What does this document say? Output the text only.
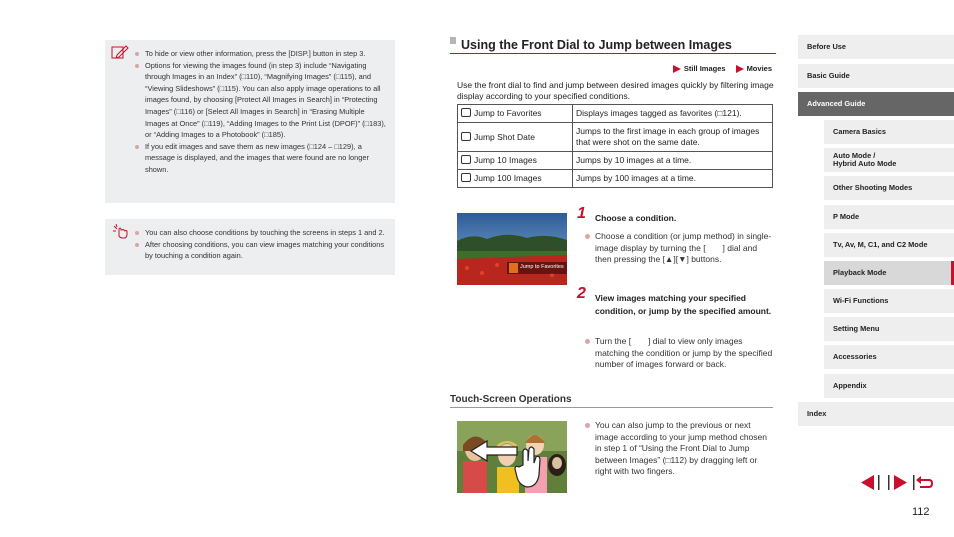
To hide or view other information, press the [DISP.] button in step 3.
Options for viewing the images found (in step 3) include “Navigating through Images in an Index” (□110), “Magnifying Images” (□115), and “Viewing Slideshows” (□115). You can also apply image operations to all images found, by choosing [Protect All Images in Search] in “Protecting Images” (□116) or [Select All Images in Search] in “Erasing Multiple Images at Once” (□119), “Adding Images to the Print List (DPOF)” (□183), or “Adding Images to a Photobook” (□185).
If you edit images and save them as new images (□124 – □129), a message is displayed, and the images that were found are no longer shown.
You can also choose conditions by touching the screens in steps 1 and 2.
After choosing conditions, you can view images matching your conditions by touching a condition again.
Using the Front Dial to Jump between Images
Still Images	Movies
Use the front dial to find and jump between desired images quickly by filtering image display according to your specified conditions.
Jump to Favorites	Displays images tagged as favorites (□121).
Jump Shot Date	Jumps to the first image in each group of images that were shot on the same date.
Jump 10 Images	Jumps by 10 images at a time.
Jump 100 Images	Jumps by 100 images at a time.
Jump to Favorites
1 Choose a condition.
Choose a condition (or jump method) in single-image display by turning the [  ] dial and then pressing the [▲][▼] buttons.
2 View images matching your specified condition, or jump by the specified amount.
Turn the [  ] dial to view only images matching the condition or jump by the specified number of images forward or back.
Touch-Screen Operations
You can also jump to the previous or next image according to your jump method chosen in step 1 of “Using the Front Dial to Jump between Images” (□112) by dragging left or right with two fingers.
Before Use
Basic Guide
Advanced Guide
Camera Basics
Auto Mode /
Hybrid Auto Mode
Other Shooting Modes
P Mode
Tv, Av, M, C1, and C2 Mode
Playback Mode
Wi-Fi Functions
Setting Menu
Accessories
Appendix
Index
112
